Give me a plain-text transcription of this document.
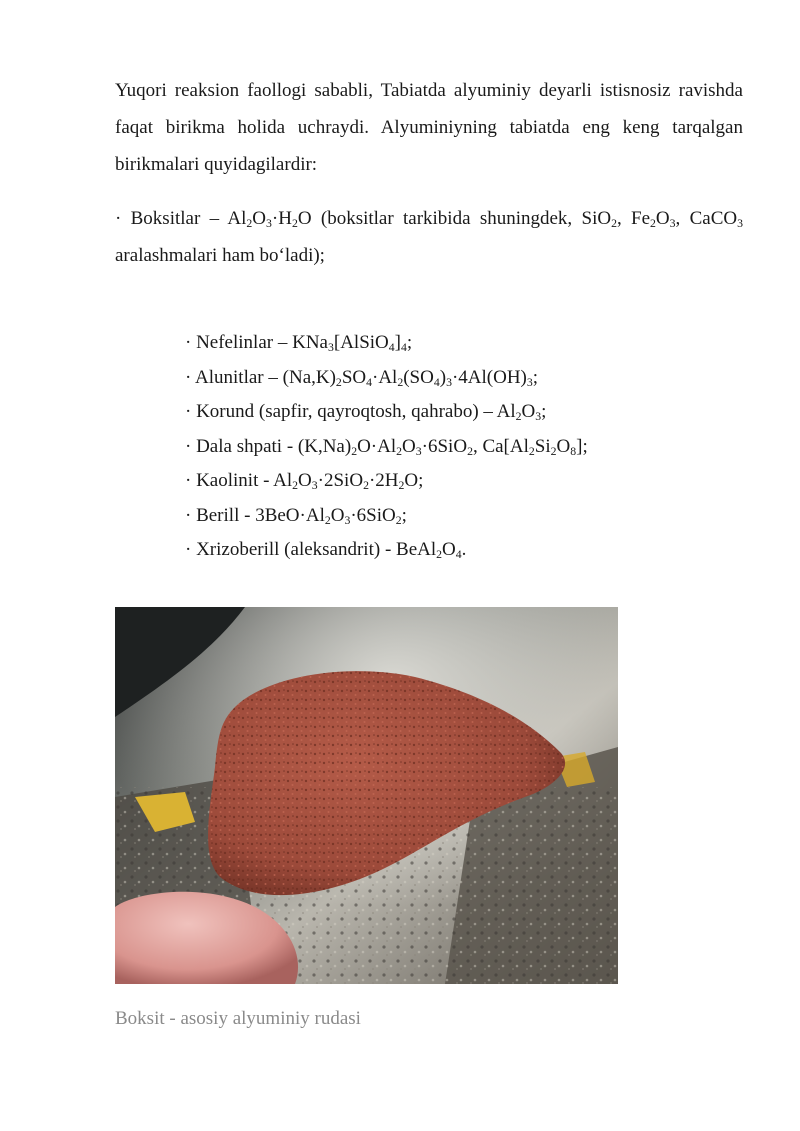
Yuqori reaksion faollogi sababli, Tabiatda alyuminiy deyarli istisnosiz ravishda faqat birikma holida uchraydi. Alyuminiyning tabiatda eng keng tarqalgan birikmalari quyidagilardir:

· Boksitlar – $Al_2O_3\cdot H_2O$ (boksitlar tarkibida shuningdek, SiO$_2$, $Fe_2O_3$, CaCO$_3$ aralashmalari ham bo‘ladi);

· Nefelinlar – $KNa_3[AlSiO_4]_4$;
· Alunitlar – $(Na,K)_2SO_4\cdot Al_2(SO_4)_3\cdot 4Al(OH)_3$;
· Korund (sapfir, qayroqtosh, qahrabo) – $Al_2O_3$;
· Dala shpati - $(K,Na)_2O\cdot Al_2O_3\cdot 6SiO_2$, $Ca[Al_2Si_2O_8]$;
· Kaolinit - $Al_2O_3\cdot 2SiO_2\cdot 2H_2O$;
· Berill - $3BeO\cdot Al_2O_3\cdot 6SiO_2$;
· Xrizoberill (aleksandrit) - $BeAl_2O_4$.

Boksit - asosiy alyuminiy rudasi
